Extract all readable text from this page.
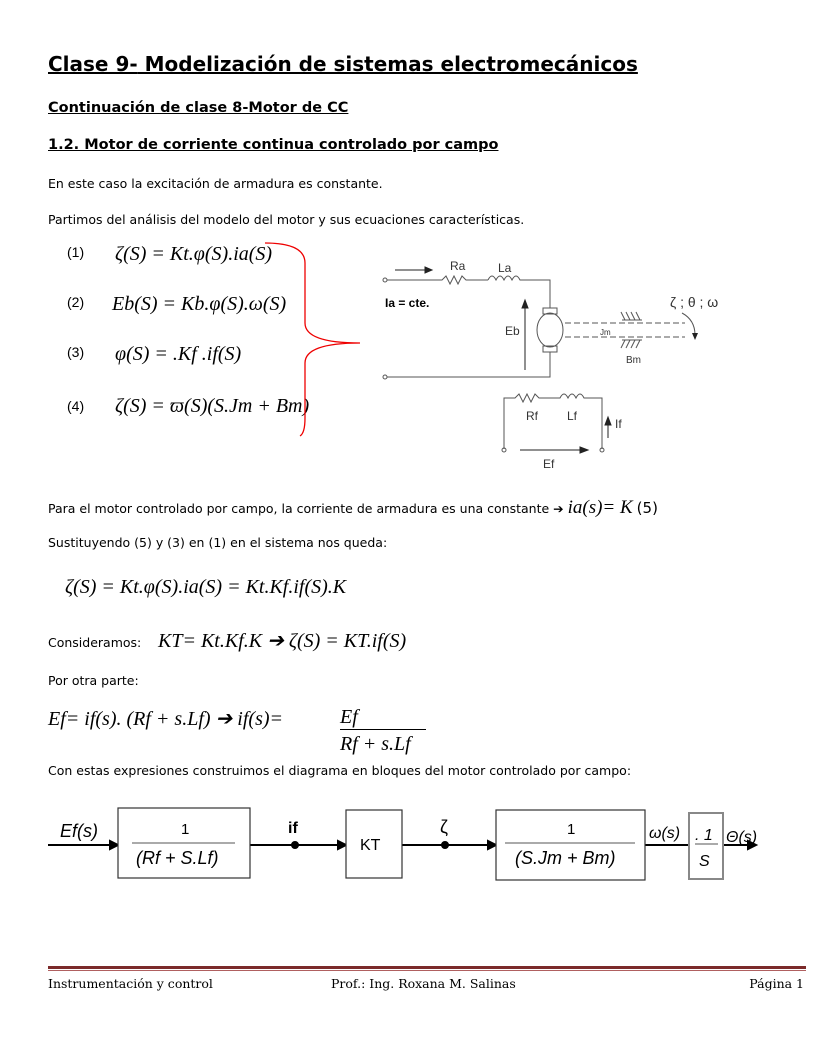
Clase 9- Modelización de sistemas electromecánicos
Continuación de clase 8-Motor de CC
1.2. Motor de corriente continua controlado por campo
En este caso la excitación de armadura es constante.
Partimos del análisis del modelo del motor y sus ecuaciones características.
(1) ζ(S) = Kt.φ(S).ia(S)
(2) Eb(S) = Kb.φ(S).ω(S)
(3) φ(S) = .Kf .if(S)
(4) ζ(S) = ϖ(S)(S.Jm + Bm)
Ra	La
Ia = cte.
Eb
ζ ; θ ; ω
Jm
Bm
Rf Lf
If
Ef
Para el motor controlado por campo, la corriente de armadura es una constante ➔ ia(s)= K (5)
Sustituyendo (5) y (3) en (1) en el sistema nos queda:
ζ(S) = Kt.φ(S).ia(S) = Kt.Kf.if(S).K
Consideramos: KT= Kt.Kf.K ➔ ζ(S) = KT.if(S)
Por otra parte:
Ef= if(s). (Rf + s.Lf) ➔ if(s)=	Ef
Rf + s.Lf
Con estas expresiones construimos el diagrama en bloques del motor controlado por campo:
Ef(s)	1
(Rf + S.Lf)
1
(S.Jm + Bm)
ω(s) . 1
S
Θ(s)
if
KT
ζ
Instrumentación y control	Prof.: Ing. Roxana M. Salinas	Página 1
